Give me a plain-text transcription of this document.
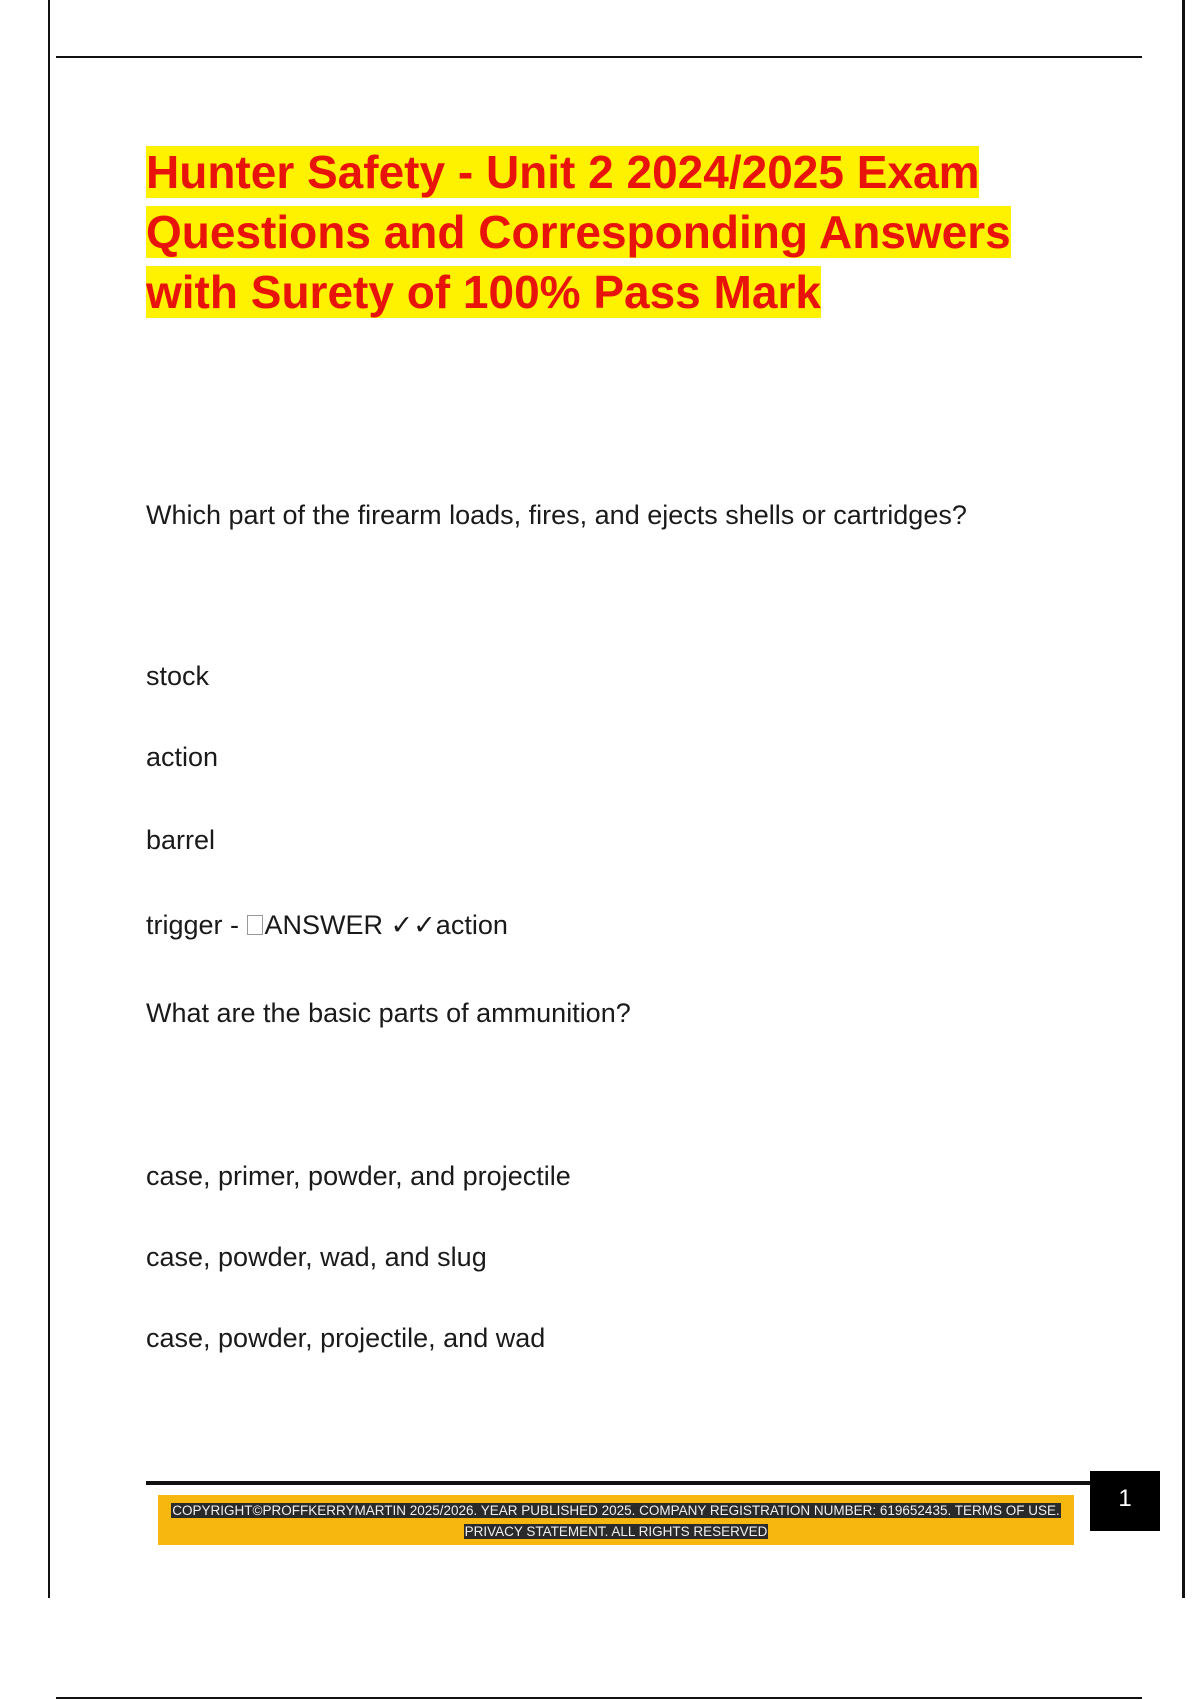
Hunter Safety - Unit 2 2024/2025 Exam
Questions and Corresponding Answers
with Surety of 100% Pass Mark

Which part of the firearm loads, fires, and ejects shells or cartridges?

stock

action

barrel

trigger - ANSWER ✓✓action

What are the basic parts of ammunition?

case, primer, powder, and projectile

case, powder, wad, and slug

case, powder, projectile, and wad

COPYRIGHT©PROFFKERRYMARTIN 2025/2026. YEAR PUBLISHED 2025. COMPANY REGISTRATION NUMBER: 619652435. TERMS OF USE.
PRIVACY STATEMENT. ALL RIGHTS RESERVED
1
